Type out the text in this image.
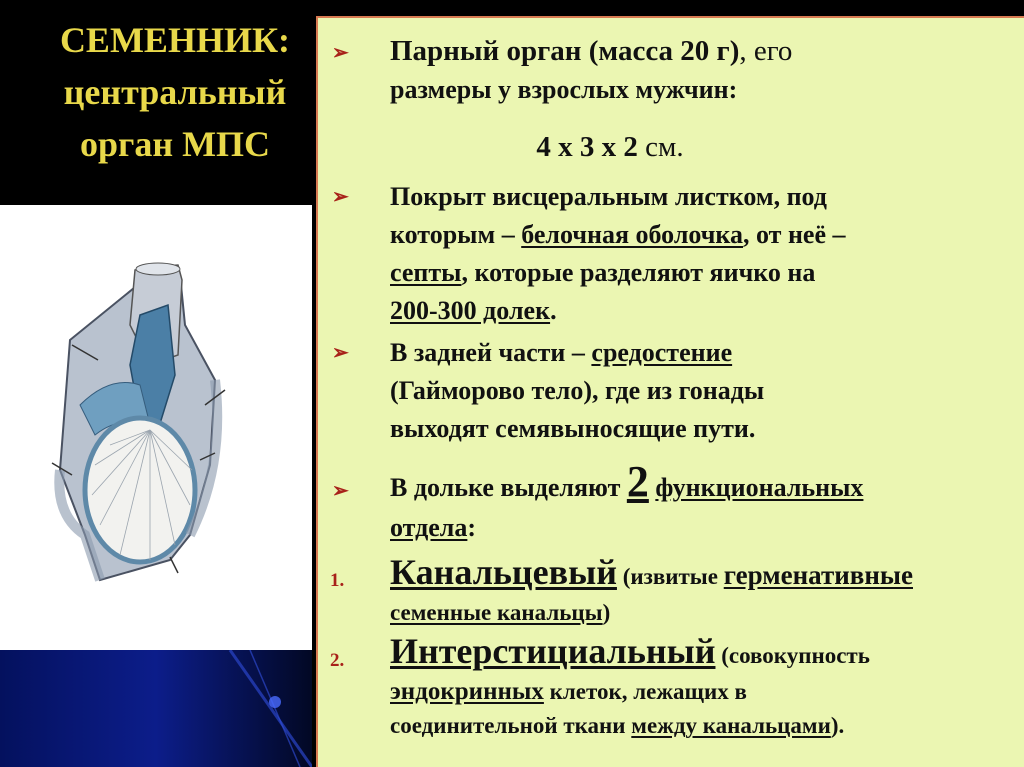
СЕМЕННИК:
центральный
орган МПС
➢ Парный орган (масса 20 г), его
размеры у взрослых мужчин:
4 х 3 х 2 см.
➢ Покрыт висцеральным листком, под
которым – белочная оболочка, от неё –
септы, которые разделяют яичко на
200-300 долек.
➢ В задней части – средостение
(Гайморово тело), где из гонады
выходят семявыносящие пути.
➢ В дольке выделяют 2 функциональных
отдела:
1. Канальцевый (извитые герменативные
$^{семенные канальцы)}$
2. Интерстициальный (совокупность
эндокринных клеток, лежащих в
$^{соединительной ткани}$ $^{между канальцами).}$
